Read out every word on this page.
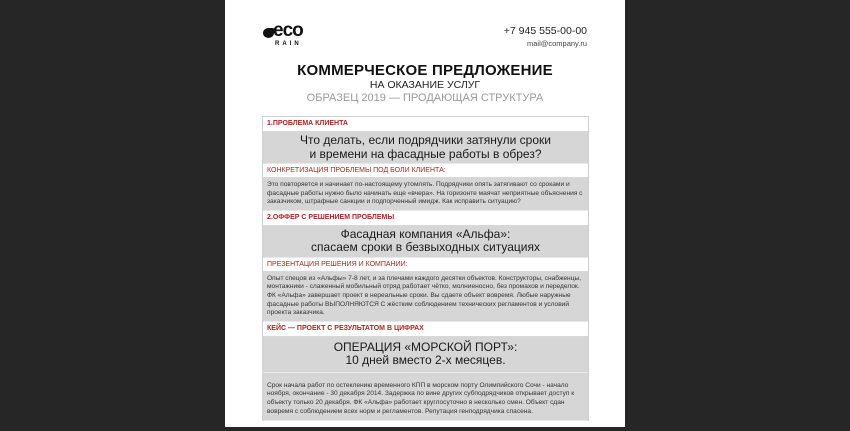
eco
RAIN
+7 945 555-00-00
mail@company.ru
КОММЕРЧЕСКОЕ ПРЕДЛОЖЕНИЕ
НА ОКАЗАНИЕ УСЛУГ
ОБРАЗЕЦ 2019 — ПРОДАЮЩАЯ СТРУКТУРА
1.ПРОБЛЕМА КЛИЕНТА
Что делать, если подрядчики затянули сроки
и времени на фасадные работы в обрез?
КОНКРЕТИЗАЦИЯ ПРОБЛЕМЫ ПОД БОЛИ КЛИЕНТА:
Это повторяется и начинает по-настоящему утомлять. Подрядчики опять затягивают со сроками и фасадные работы нужно было начинать еще «вчера». На горизонте маячат неприятные объяснения с заказчиком, штрафные санкции и подпорченный имидж. Как исправить ситуацию?
2.ОФФЕР С РЕШЕНИЕМ ПРОБЛЕМЫ
Фасадная компания «Альфа»:
спасаем сроки в безвыходных ситуациях
ПРЕЗЕНТАЦИЯ РЕШЕНИЯ И КОМПАНИИ:
Опыт спецов из «Альфы» 7-8 лет, и за плечами каждого десятки объектов. Конструкторы, снабженцы, монтажники - слаженный мобильный отряд работает чётко, молниеносно, без промахов и переделок. ФК «Альфа» завершает проект в нереальные сроки. Вы сдаете объект вовремя. Любые наружные фасадные работы ВЫПОЛНЯЮТСЯ С жёстким соблюдением технических регламентов и условий проекта заказчика.
КЕЙС — ПРОЕКТ С РЕЗУЛЬТАТОМ В ЦИФРАХ
ОПЕРАЦИЯ «МОРСКОЙ ПОРТ»:
10 дней вместо 2-х месяцев.
Срок начала работ по остеклению временного КПП в морском порту Олимпийского Сочи - начало ноября, окончание - 30 декабря 2014. Задержка по вине других субподрядчиков открывает доступ к объекту только 20 декабря. ФК «Альфа» работает круглосуточно в несколько смен. Объект сдан вовремя с соблюдением всех норм и регламентов. Репутация генподрядчика спасена.
